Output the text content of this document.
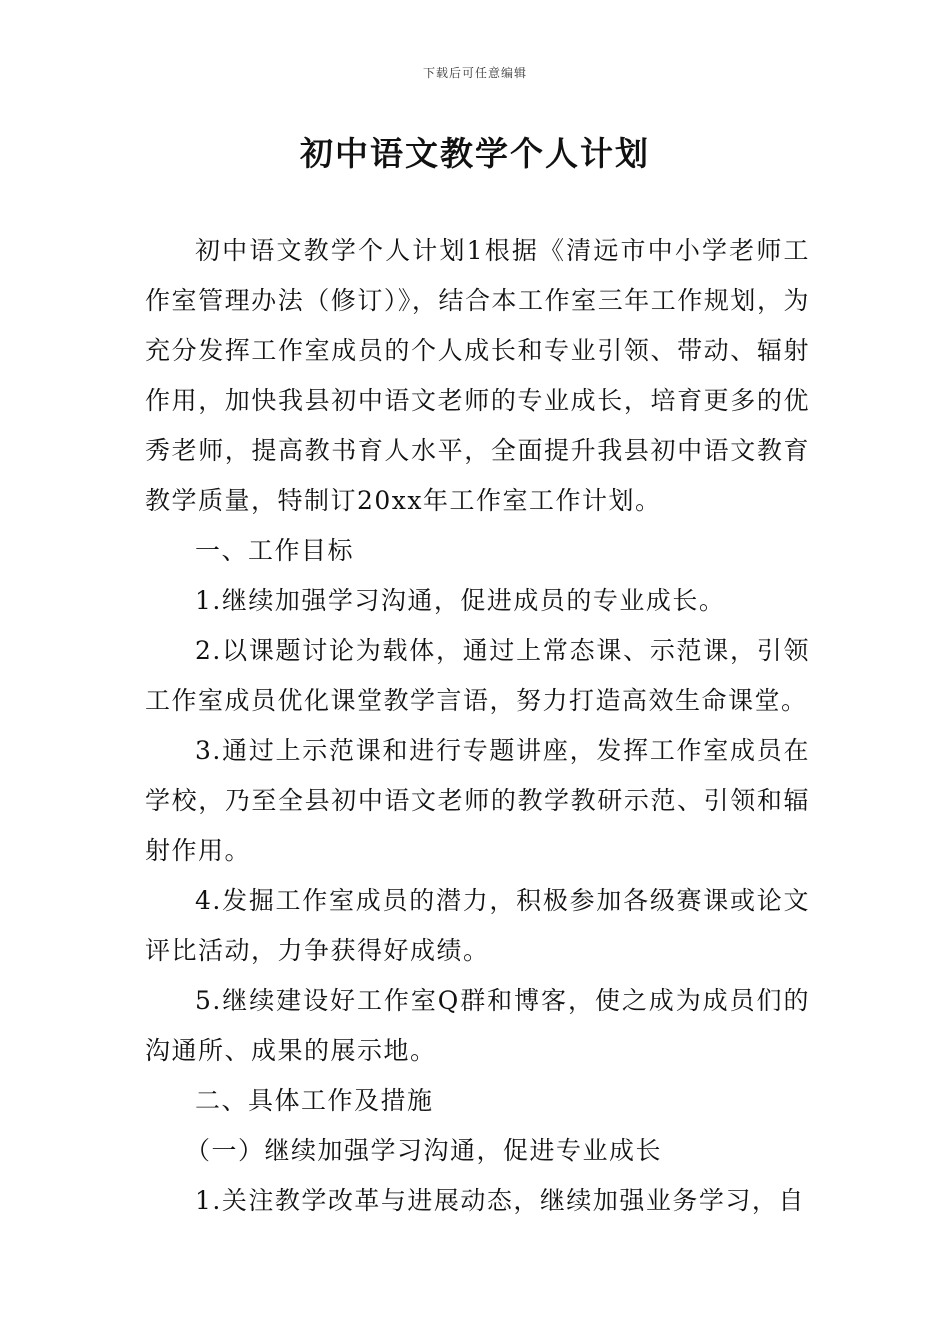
下载后可任意编辑
初中语文教学个人计划

初中语文教学个人计划1根据《清远市中小学老师工作室管理办法（修订）》，结合本工作室三年工作规划，为充分发挥工作室成员的个人成长和专业引领、带动、辐射作用，加快我县初中语文老师的专业成长，培育更多的优秀老师，提高教书育人水平，全面提升我县初中语文教育教学质量，特制订20xx年工作室工作计划。

一、工作目标

1.继续加强学习沟通，促进成员的专业成长。

2.以课题讨论为载体，通过上常态课、示范课，引领工作室成员优化课堂教学言语，努力打造高效生命课堂。

3.通过上示范课和进行专题讲座，发挥工作室成员在学校，乃至全县初中语文老师的教学教研示范、引领和辐射作用。

4.发掘工作室成员的潜力，积极参加各级赛课或论文评比活动，力争获得好成绩。

5.继续建设好工作室Q群和博客，使之成为成员们的沟通所、成果的展示地。

二、具体工作及措施

（一）继续加强学习沟通，促进专业成长

1.关注教学改革与进展动态，继续加强业务学习，自
